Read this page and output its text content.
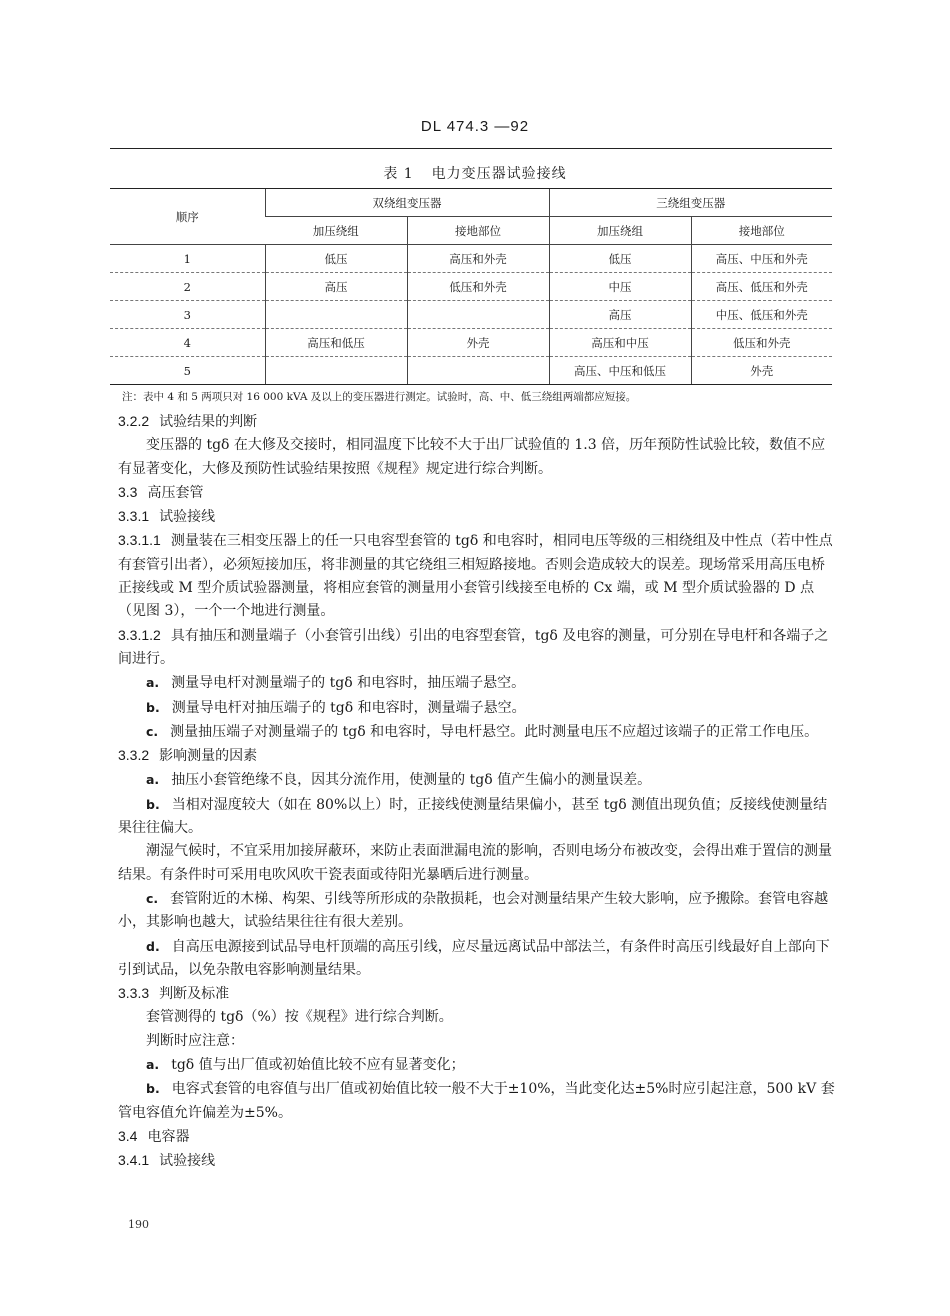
DL 474.3 —92
表 1 电力变压器试验接线
顺序	双绕组变压器		三绕组变压器	
	加压绕组	接地部位	加压绕组	接地部位
1	低压	高压和外壳	低压	高压、中压和外壳
2	高压	低压和外壳	中压	高压、低压和外壳
3			高压	中压、低压和外壳
4	高压和低压	外壳	高压和中压	低压和外壳
5			高压、中压和低压	外壳
注：表中 4 和 5 两项只对 16 000 kVA 及以上的变压器进行测定。试验时，高、中、低三绕组两端都应短接。

3.2.2 试验结果的判断

变压器的 tgδ 在大修及交接时，相同温度下比较不大于出厂试验值的 1.3 倍，历年预防性试验比较，数值不应有显著变化，大修及预防性试验结果按照《规程》规定进行综合判断。

3.3 高压套管

3.3.1 试验接线

3.3.1.1 测量装在三相变压器上的任一只电容型套管的 tgδ 和电容时，相同电压等级的三相绕组及中性点（若中性点有套管引出者），必须短接加压，将非测量的其它绕组三相短路接地。否则会造成较大的误差。现场常采用高压电桥正接线或 M 型介质试验器测量，将相应套管的测量用小套管引线接至电桥的 Cx 端，或 M 型介质试验器的 D 点（见图 3），一个一个地进行测量。

3.3.1.2 具有抽压和测量端子（小套管引出线）引出的电容型套管，tgδ 及电容的测量，可分别在导电杆和各端子之间进行。

a. 测量导电杆对测量端子的 tgδ 和电容时，抽压端子悬空。

b. 测量导电杆对抽压端子的 tgδ 和电容时，测量端子悬空。

c. 测量抽压端子对测量端子的 tgδ 和电容时，导电杆悬空。此时测量电压不应超过该端子的正常工作电压。

3.3.2 影响测量的因素

a. 抽压小套管绝缘不良，因其分流作用，使测量的 tgδ 值产生偏小的测量误差。

b. 当相对湿度较大（如在 80%以上）时，正接线使测量结果偏小，甚至 tgδ 测值出现负值；反接线使测量结果往往偏大。

潮湿气候时，不宜采用加接屏蔽环，来防止表面泄漏电流的影响，否则电场分布被改变，会得出难于置信的测量结果。有条件时可采用电吹风吹干瓷表面或待阳光暴晒后进行测量。

c. 套管附近的木梯、构架、引线等所形成的杂散损耗，也会对测量结果产生较大影响，应予搬除。套管电容越小，其影响也越大，试验结果往往有很大差别。

d. 自高压电源接到试品导电杆顶端的高压引线，应尽量远离试品中部法兰，有条件时高压引线最好自上部向下引到试品，以免杂散电容影响测量结果。

3.3.3 判断及标准

套管测得的 tgδ（%）按《规程》进行综合判断。

判断时应注意：

a. tgδ 值与出厂值或初始值比较不应有显著变化；

b. 电容式套管的电容值与出厂值或初始值比较一般不大于±10%，当此变化达±5%时应引起注意，500 kV 套管电容值允许偏差为±5%。

3.4 电容器

3.4.1 试验接线

190
